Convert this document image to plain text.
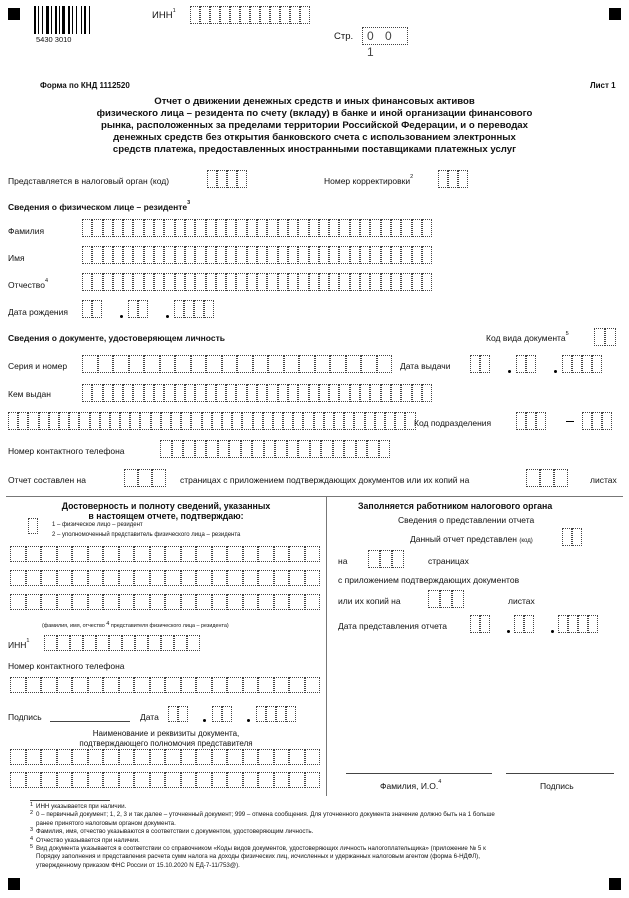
5430 3010
ИНН$^1$
Стр.	0 0 1
Форма по КНД 1112520	Лист 1
Отчет о движении денежных средств и иных финансовых активов
физического лица – резидента по счету (вкладу) в банке и иной организации финансового
рынка, расположенных за пределами территории Российской Федерации, и о переводах
денежных средств без открытия банковского счета с использованием электронных
средств платежа, предоставленных иностранными поставщиками платежных услуг
Представляется в налоговый орган (код)	Номер корректировки$^2$
Сведения о физическом лице – резиденте$^3$
Фамилия
Имя
Отчество$^4$
Дата рождения
Сведения о документе, удостоверяющем личность	Код вида документа$^5$
Серия и номер	Дата выдачи
Кем выдан
Код подразделения
Номер контактного телефона
Отчет составлен на	страницах с приложением подтверждающих документов или их копий на	листах
Достоверность и полноту сведений, указанных
в настоящем отчете, подтверждаю:
1 – физическое лицо – резидент
2 – уполномоченный представитель физического лица – резидента
(фамилия, имя, отчество 4 представителя физического лица – резидента)
ИНН$^1$
Номер контактного телефона
Подпись	Дата
Наименование и реквизиты документа,
подтверждающего полномочия представителя
Заполняется работником налогового органа
Сведения о представлении отчета
Данный отчет представлен (код)
на	страницах
с приложением подтверждающих документов
или их копий на	листах
Дата представления отчета
Фамилия, И.О.$^4$	Подпись
1 ИНН указывается при наличии.
2 0 – первичный документ; 1, 2, 3 и так далее – уточненный документ; 999 – отмена сообщения. Для уточненного документа значение должно быть на 1 больше
ранее принятого налоговым органом документа.
3 Фамилия, имя, отчество указываются в соответствии с документом, удостоверяющим личность.
4 Отчество указывается при наличии.
5 Вид документа указывается в соответствии со справочником «Коды видов документов, удостоверяющих личность налогоплательщика» (приложение № 5 к
Порядку заполнения и представления расчета сумм налога на доходы физических лиц, исчисленных и удержанных налоговым агентом (форма 6-НДФЛ),
утвержденному приказом ФНС России от 15.10.2020 N ЕД-7-11/753@).
